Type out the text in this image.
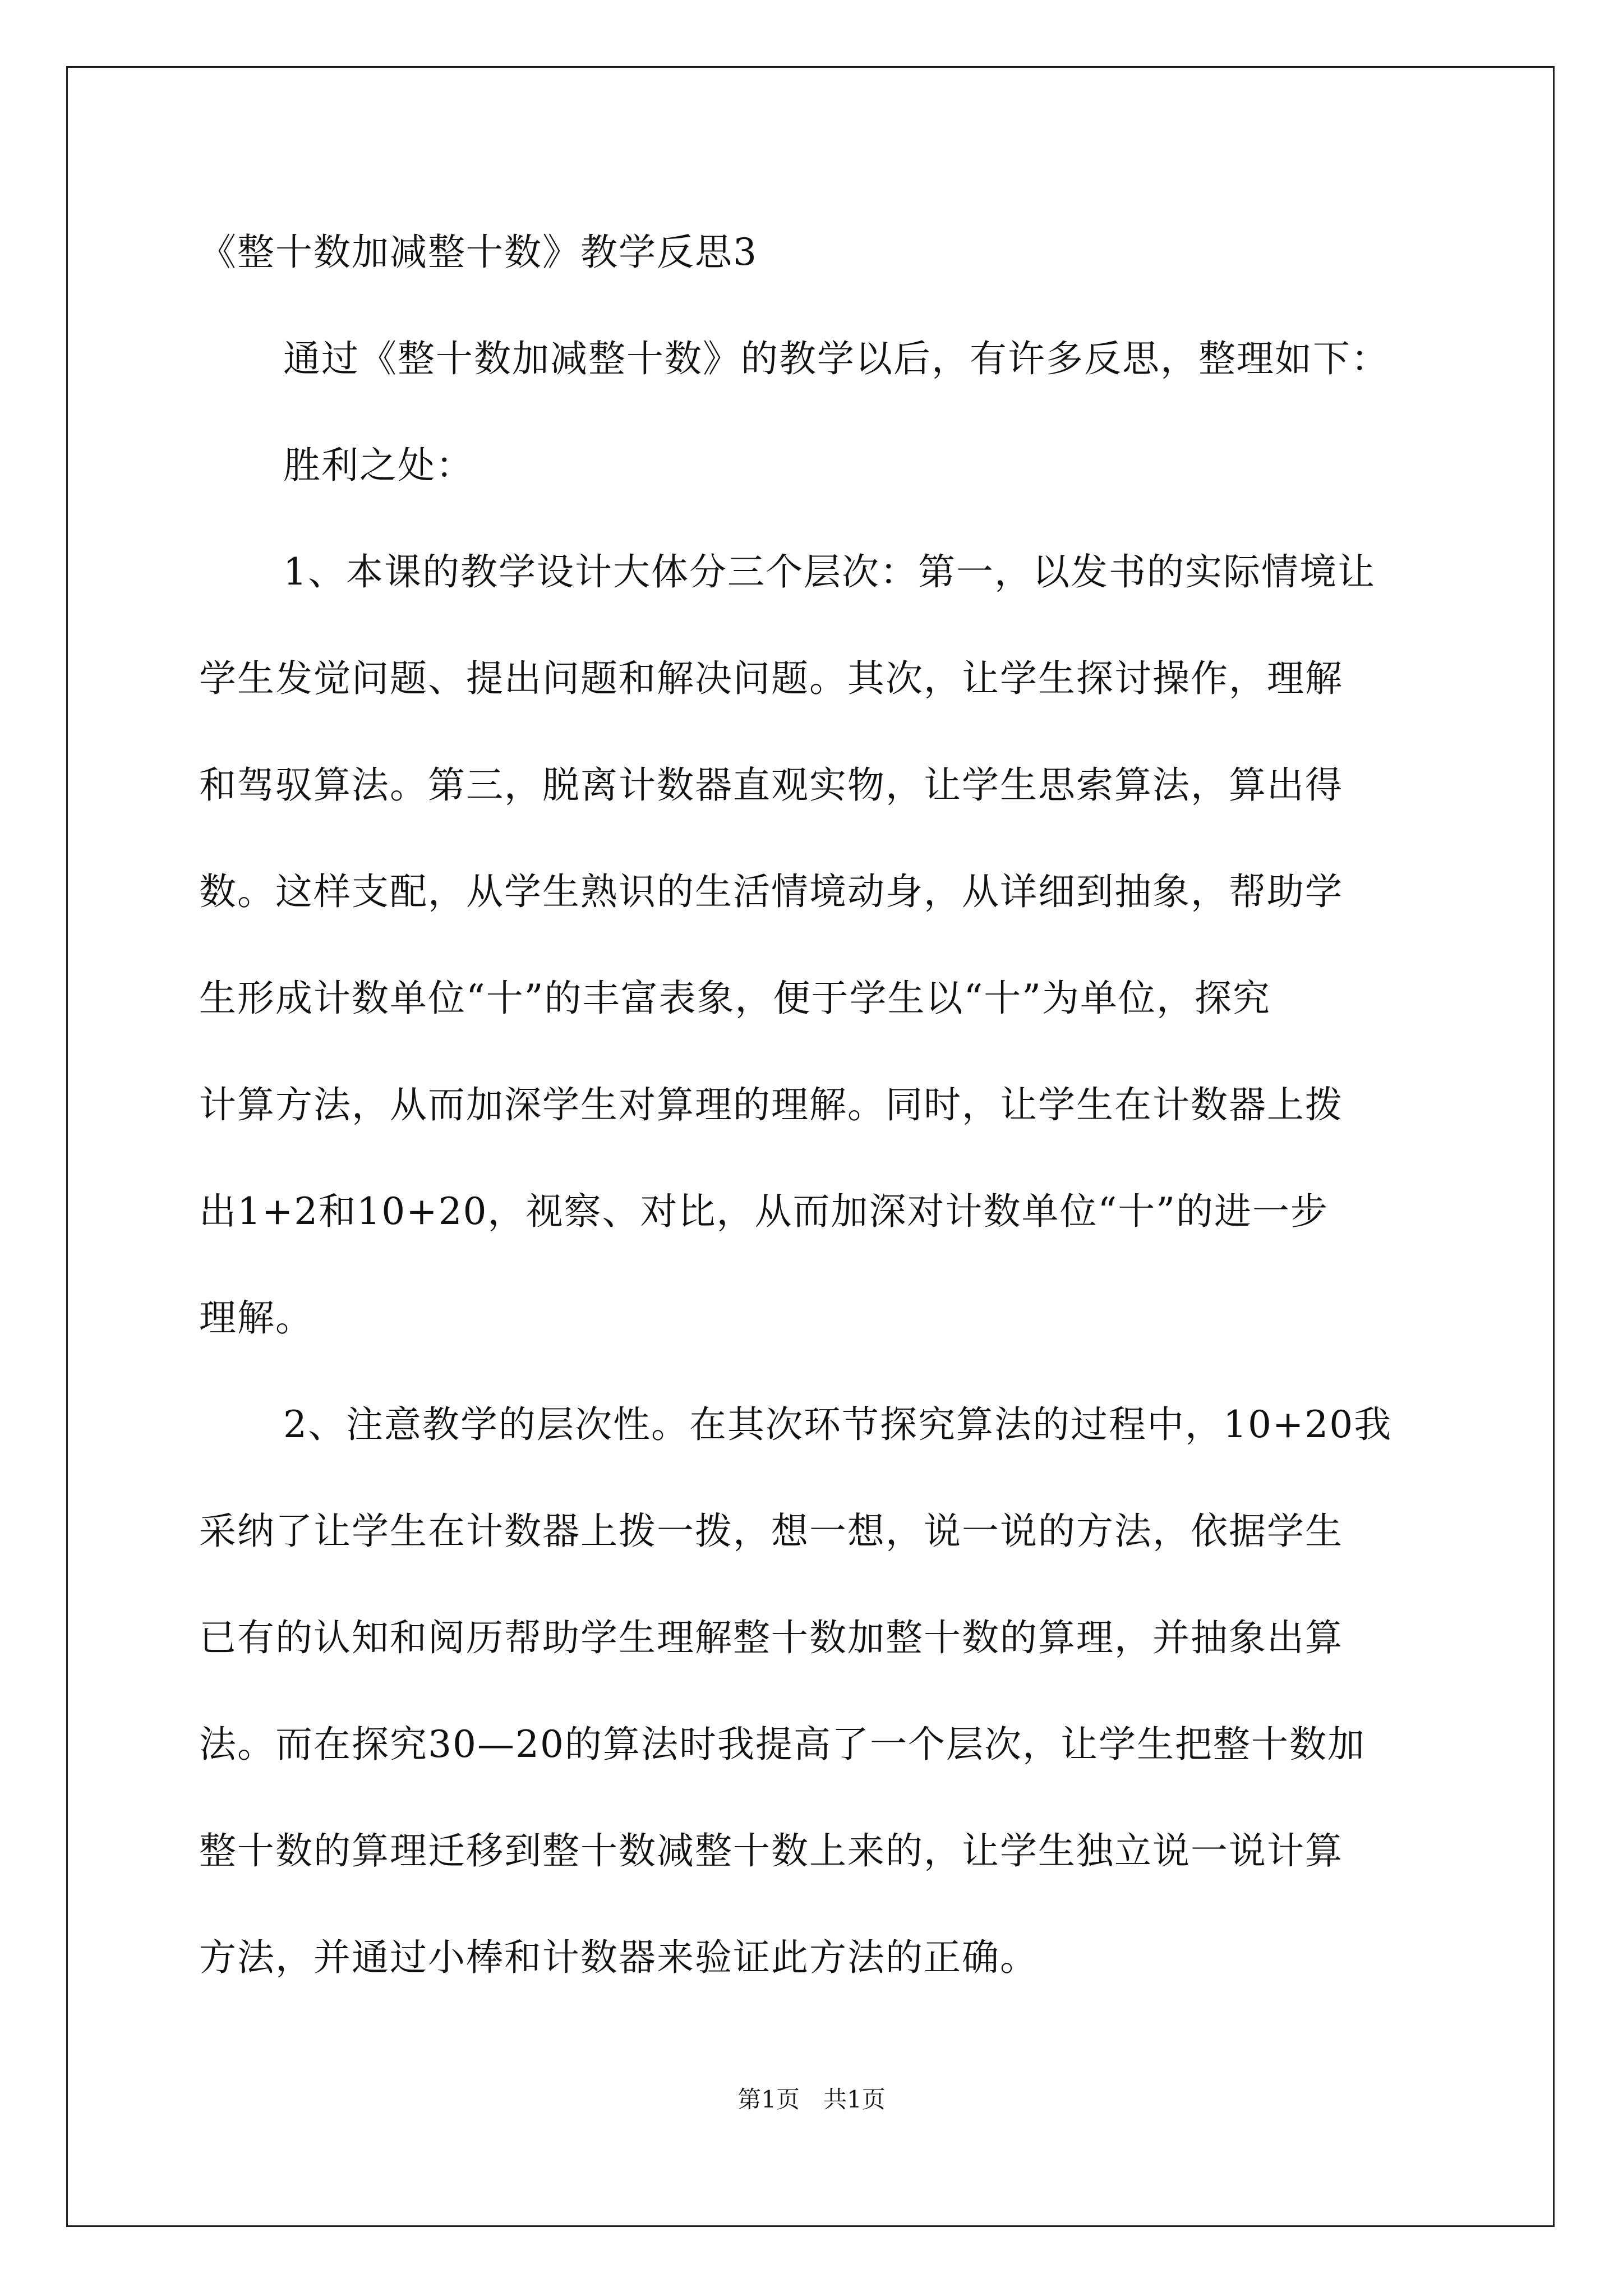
《整十数加减整十数》教学反思3
通过《整十数加减整十数》的教学以后，有许多反思，整理如下：
胜利之处：
1、本课的教学设计大体分三个层次：第一，以发书的实际情境让
学生发觉问题、提出问题和解决问题。其次，让学生探讨操作，理解
和驾驭算法。第三，脱离计数器直观实物，让学生思索算法，算出得
数。这样支配，从学生熟识的生活情境动身，从详细到抽象，帮助学
生形成计数单位“十”的丰富表象，便于学生以“十”为单位，探究
计算方法，从而加深学生对算理的理解。同时，让学生在计数器上拨
出1+2和10+20，视察、对比，从而加深对计数单位“十”的进一步
理解。
2、注意教学的层次性。在其次环节探究算法的过程中，10+20我
采纳了让学生在计数器上拨一拨，想一想，说一说的方法，依据学生
已有的认知和阅历帮助学生理解整十数加整十数的算理，并抽象出算
法。而在探究30—20的算法时我提高了一个层次，让学生把整十数加
整十数的算理迁移到整十数减整十数上来的，让学生独立说一说计算
方法，并通过小棒和计数器来验证此方法的正确。
第1页　共1页
